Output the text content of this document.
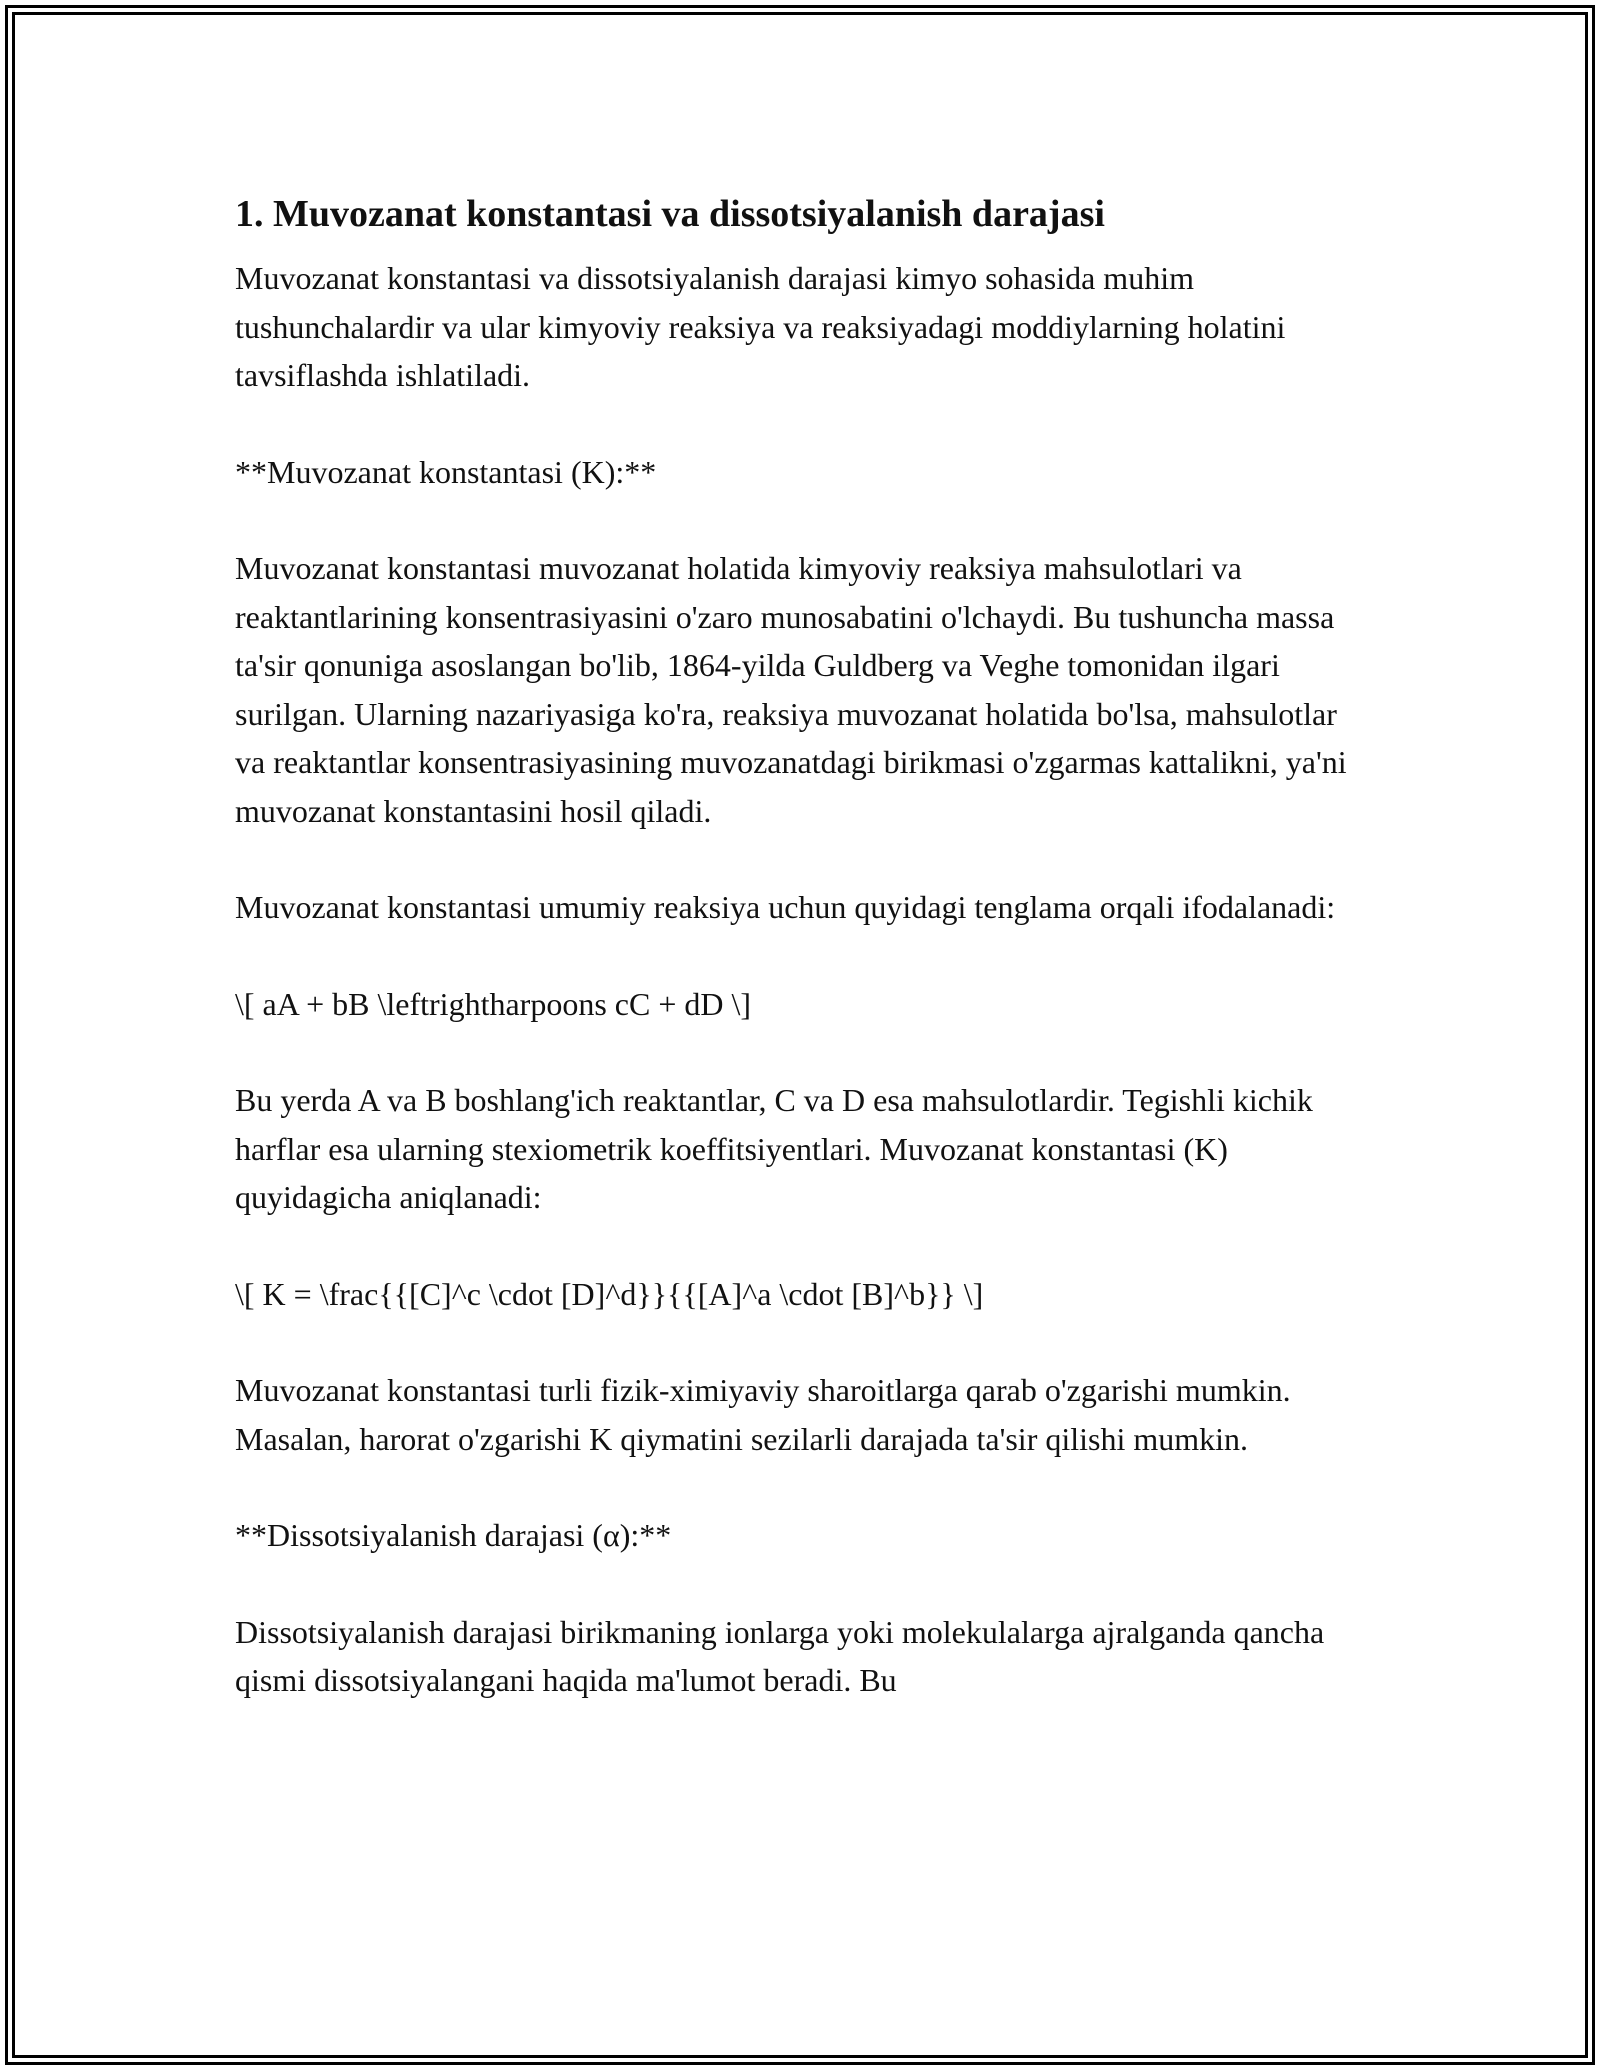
1. Muvozanat konstantasi va dissotsiyalanish darajasi

Muvozanat konstantasi va dissotsiyalanish darajasi kimyo sohasida muhim tushunchalardir va ular kimyoviy reaksiya va reaksiyadagi moddiylarning holatini tavsiflashda ishlatiladi.

**Muvozanat konstantasi (K):**

Muvozanat konstantasi muvozanat holatida kimyoviy reaksiya mahsulotlari va reaktantlarining konsentrasiyasini o'zaro munosabatini o'lchaydi. Bu tushuncha massa ta'sir qonuniga asoslangan bo'lib, 1864-yilda Guldberg va Veghe tomonidan ilgari surilgan. Ularning nazariyasiga ko'ra, reaksiya muvozanat holatida bo'lsa, mahsulotlar va reaktantlar konsentrasiyasining muvozanatdagi birikmasi o'zgarmas kattalikni, ya'ni muvozanat konstantasini hosil qiladi.

Muvozanat konstantasi umumiy reaksiya uchun quyidagi tenglama orqali ifodalanadi:

\[ aA + bB \leftrightharpoons cC + dD \]

Bu yerda A va B boshlang'ich reaktantlar, C va D esa mahsulotlardir. Tegishli kichik harflar esa ularning stexiometrik koeffitsiyentlari. Muvozanat konstantasi (K) quyidagicha aniqlanadi:

\[ K = \frac{{[C]^c \cdot [D]^d}}{{[A]^a \cdot [B]^b}} \]

Muvozanat konstantasi turli fizik-ximiyaviy sharoitlarga qarab o'zgarishi mumkin. Masalan, harorat o'zgarishi K qiymatini sezilarli darajada ta'sir qilishi mumkin.

**Dissotsiyalanish darajasi (α):**

Dissotsiyalanish darajasi birikmaning ionlarga yoki molekulalarga ajralganda qancha qismi dissotsiyalangani haqida ma'lumot beradi. Bu
